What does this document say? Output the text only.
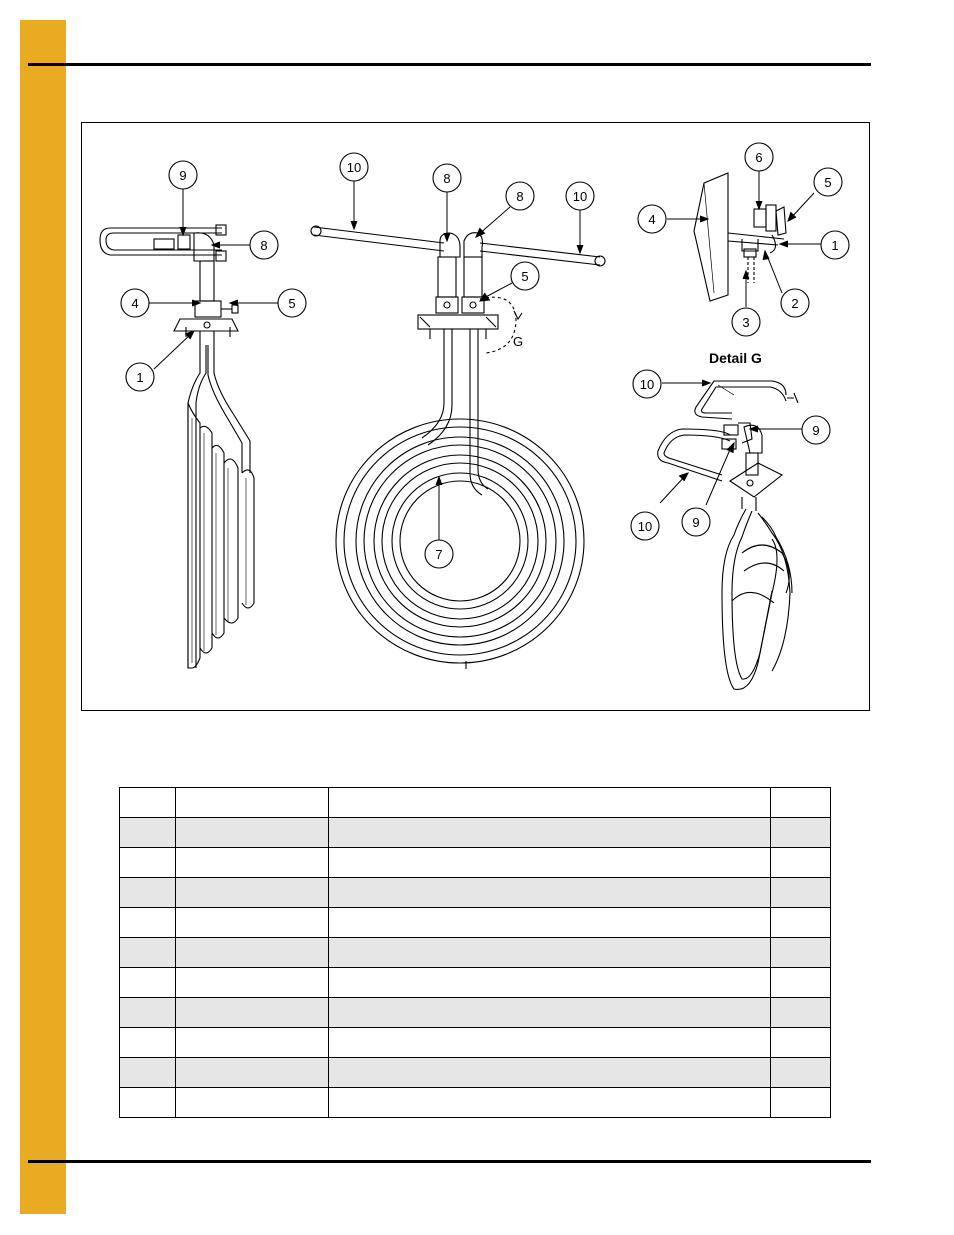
9
8
4	5
1
10
8
8	10
5
7
G
6
5
4
1
2
3
10
9
10	9
Detail G
